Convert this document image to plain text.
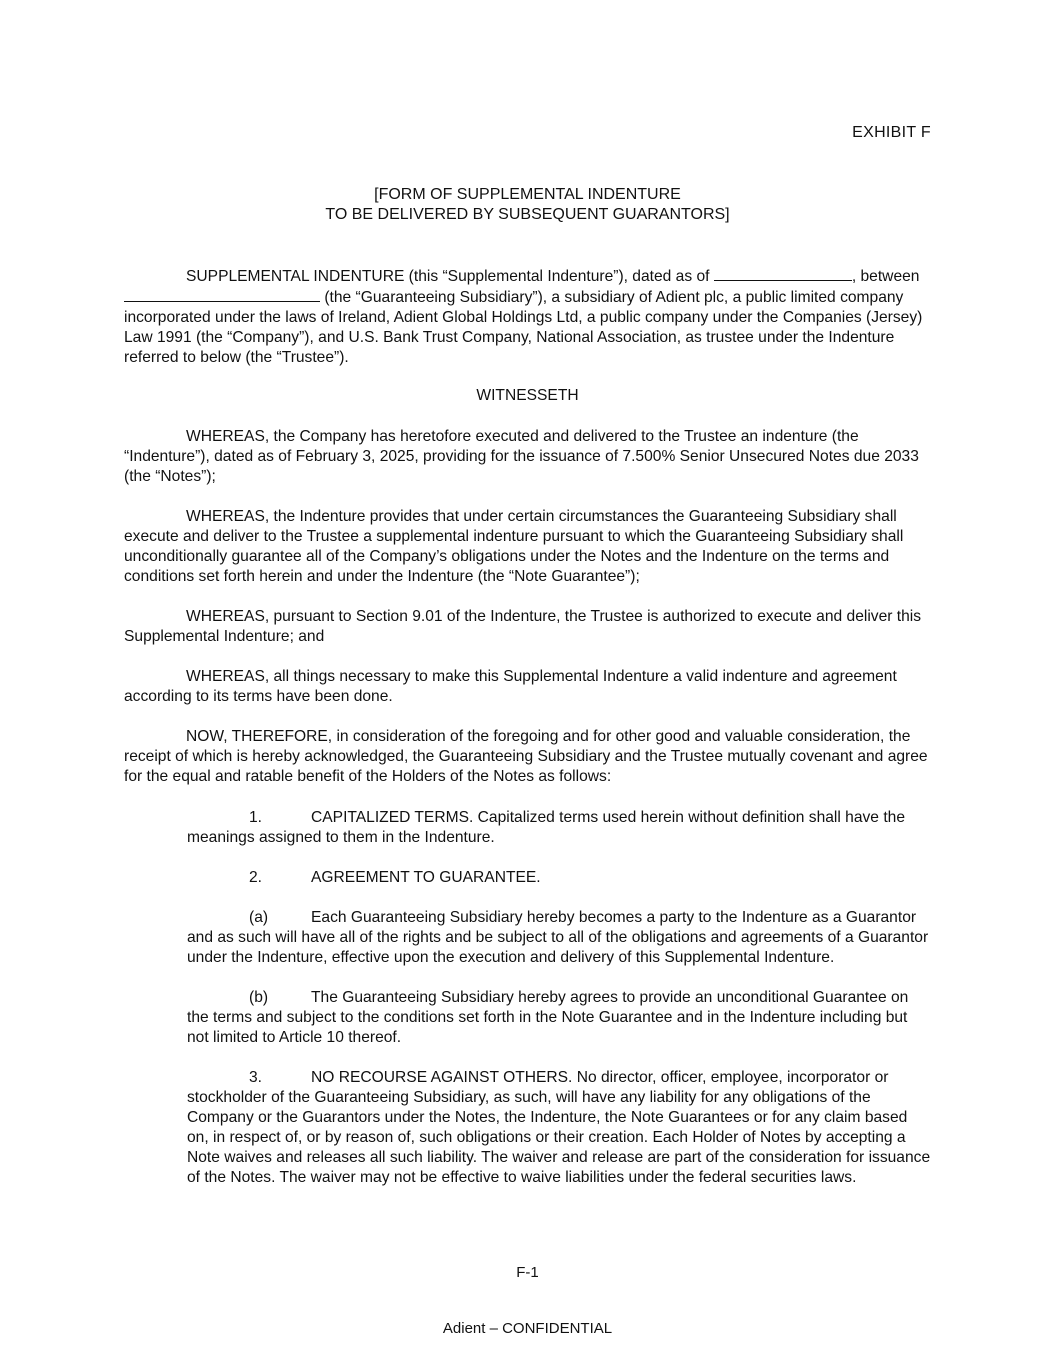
EXHIBIT F
[FORM OF SUPPLEMENTAL INDENTURE
TO BE DELIVERED BY SUBSEQUENT GUARANTORS]
SUPPLEMENTAL INDENTURE (this “Supplemental Indenture”), dated as of	, between  (the “Guaranteeing Subsidiary”), a subsidiary of Adient plc, a public limited company incorporated under the laws of Ireland, Adient Global Holdings Ltd, a public company under the Companies (Jersey) Law 1991 (the “Company”), and U.S. Bank Trust Company, National Association, as trustee under the Indenture referred to below (the “Trustee”).
WITNESSETH
WHEREAS, the Company has heretofore executed and delivered to the Trustee an indenture (the “Indenture”), dated as of February 3, 2025, providing for the issuance of 7.500% Senior Unsecured Notes due 2033 (the “Notes”);
WHEREAS, the Indenture provides that under certain circumstances the Guaranteeing Subsidiary shall execute and deliver to the Trustee a supplemental indenture pursuant to which the Guaranteeing Subsidiary shall unconditionally guarantee all of the Company’s obligations under the Notes and the Indenture on the terms and conditions set forth herein and under the Indenture (the “Note Guarantee”);
WHEREAS, pursuant to Section 9.01 of the Indenture, the Trustee is authorized to execute and deliver this Supplemental Indenture; and
WHEREAS, all things necessary to make this Supplemental Indenture a valid indenture and agreement according to its terms have been done.
NOW, THEREFORE, in consideration of the foregoing and for other good and valuable consideration, the receipt of which is hereby acknowledged, the Guaranteeing Subsidiary and the Trustee mutually covenant and agree for the equal and ratable benefit of the Holders of the Notes as follows:
1.	CAPITALIZED TERMS. Capitalized terms used herein without definition shall have the meanings assigned to them in the Indenture.
2.	AGREEMENT TO GUARANTEE.
(a)	Each Guaranteeing Subsidiary hereby becomes a party to the Indenture as a Guarantor and as such will have all of the rights and be subject to all of the obligations and agreements of a Guarantor under the Indenture, effective upon the execution and delivery of this Supplemental Indenture.
(b)	The Guaranteeing Subsidiary hereby agrees to provide an unconditional Guarantee on the terms and subject to the conditions set forth in the Note Guarantee and in the Indenture including but not limited to Article 10 thereof.
3.	NO RECOURSE AGAINST OTHERS. No director, officer, employee, incorporator or stockholder of the Guaranteeing Subsidiary, as such, will have any liability for any obligations of the Company or the Guarantors under the Notes, the Indenture, the Note Guarantees or for any claim based on, in respect of, or by reason of, such obligations or their creation. Each Holder of Notes by accepting a Note waives and releases all such liability. The waiver and release are part of the consideration for issuance of the Notes. The waiver may not be effective to waive liabilities under the federal securities laws.
F-1
Adient – CONFIDENTIAL
